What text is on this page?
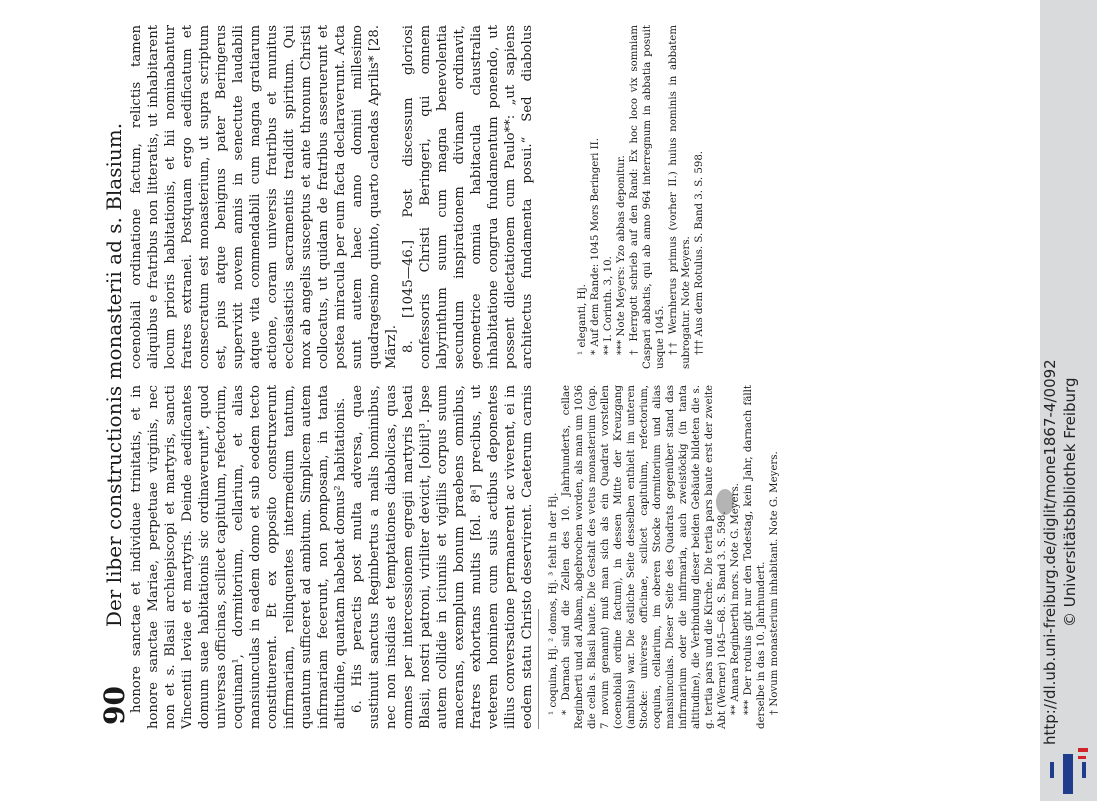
90
Der liber constructionis monasterii ad s. Blasium. honore sanctae et individuae trinitatis, et in honore sanctae Mariae, perpetuae virginis, nec non et s. Blasii archiepiscopi et martyris, sancti Vincentii leviae et martyris. Deinde aedificantes domum suae habitationis sic ordinaverunt*, quod universas officinas, scilicet capitulum, refectorium, coquinam¹, dormitorium, cellarium, et alias mansiunculas in eadem domo et sub eodem tecto constituerent. Et ex opposito construxerunt infirmariam, relinquentes intermedium tantum, quantum sufficeret ad ambitum. Simplicem autem infirmariam fecerunt, non pomposam, in tanta altitudine, quantam habebat domus² habitationis. 6. His peractis post multa adversa, quae sustinuit sanctus Reginbertus a malis hominibus, nec non insidias et temptationes diabolicas, quas omnes per intercessionem egregii martyris beati Blasii, nostri patroni, viriliter devicit, [obiit]³. Ipse autem collidie in iciuniis et vigiliis corpus suum macerans, exemplum bonum praebens omnibus, fratres exhortans multis [fol. 8ᵃ] precibus, ut veterem hominem cum suis actibus deponentes illius conversatione permanerent ac viverent, ei in eodem statu Christo deservirent. Caeterum carnis

¹ coquina, Hj. ² domos, Hj. ³ fehlt in der Hj. * Darnach sind die Zellen des 10. Jahrhunderts, cellae Reginberti und ad Albam, abgebrochen worden, als man um 1036 die cella s. Blasii baute. Die Gestalt des vetus monasterium (cap. 7 novum genannt) muß man sich als ein Quadrat vorstellen (coenobiali ordine factum), in dessen Mitte der Kreuzgang (ambitus) war. Die östliche Seite desselben enthielt im unteren Stocke: universe officinae, scilicet capitulum, refectorium, coquina, cellarium, im oberen Stocke dormitorium und alias mansiunculas. Dieser Seite des Quadrats gegenüber stand das infirmarium oder die infirmaria, auch zweistöckig (in tanta altitudine), die Verbindung dieser beiden Gebäude bildeten die s. g. tertia pars und die Kirche. Die tertia pars baute erst der zweite Abt (Werner) 1045—68. S. Band 3. S. 598. ** Amara Reginberthi mors. Note G. Meyers. *** Der rotulus gibt nur den Todestag, kein Jahr, darnach fällt derselbe in das 10. Jahrhundert. † Novum monasterium inhabitant. Note G. Meyers.

coenobiali ordinatione factum, relictis tamen aliquibus e fratribus non litteratis, ut inhabitarent locum prioris habitationis, et hii nominabantur fratres extranei. Postquam ergo aedificatum et consecratum est monasterium, ut supra scriptum est, pius atque benignus pater Beringerus supervixit novem annis in senectute laudabili atque vita commendabili cum magna gratiarum actione, coram universis fratribus et munitus ecclesiasticis sacramentis tradidit spiritum. Qui mox ab angelis susceptus et ante thronum Christi collocatus, ut quidam de fratribus asseruerunt et postea miracula per eum facta declaraverunt. Acta sunt autem haec anno domini millesimo quadragesimo quinto, quarto calendas Aprilis* [28. März]. 8. [1045—46.] Post discessum gloriosi confessoris Christi Beringeri, qui omnem labyrinthum suum cum magna benevolentia secundum inspirationem divinam ordinavit, geometrice omnia habitacula claustralia inhabitatione congrua fundamentum ponendo, ut possent dilectationem cum Paulo**: „ut sapiens architectus fundamenta posui.“ Sed diabolus

¹ eleganti, Hj. * Auf dem Rande: 1045 Mors Beringeri II. ** I. Corinth. 3, 10. *** Note Meyers: Yzo abbas deponitur. † Herrgott schrieb auf den Rand: Ex hoc loco vix somniam Caspari abbatis, qui ab anno 964 interregnum in abbatia posuit usque 1045. †† Wernherus primus (vorher II.) huius nominis in abbatem subrogatur. Note Meyers. ††† Aus dem Rotulus. S. Band 3. S. 598.

http://dl.ub.uni-freiburg.de/diglit/mone1867-4/0092 © Universitätsbibliothek Freiburg
